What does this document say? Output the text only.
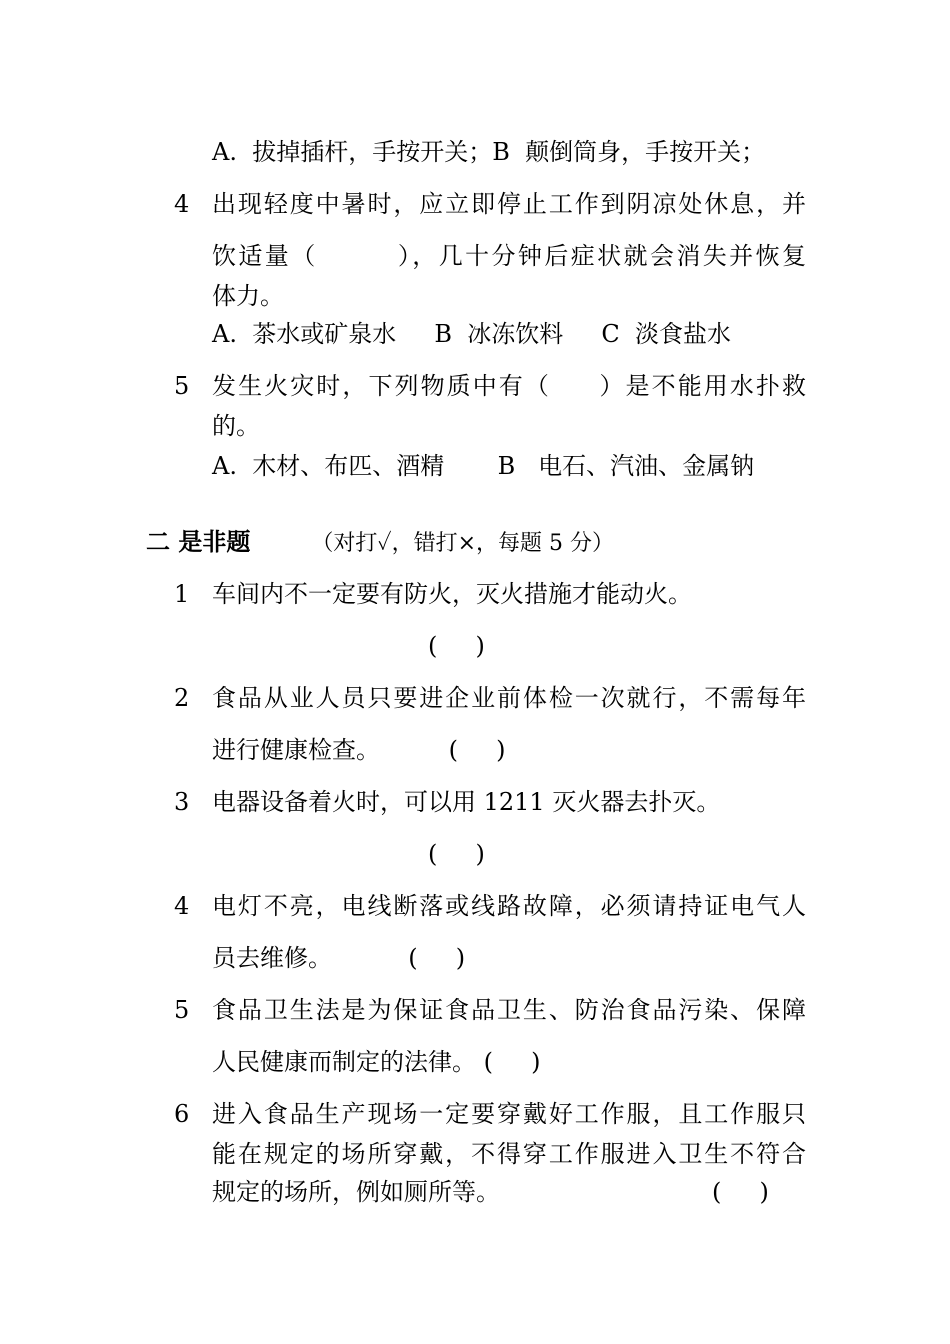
A.  拔掉插杆，手按开关；B  颠倒筒身，手按开关；
4 出现轻度中暑时，应立即停止工作到阴凉处休息，并
饮适量（        ），几十分钟后症状就会消失并恢复
体力。
A.  茶水或矿泉水     B  冰冻饮料     C  淡食盐水
5 发生火灾时，下列物质中有（     ）是不能用水扑救
的。
A.  木材、布匹、酒精       B   电石、汽油、金属钠
二 是非题	（对打✓，错打×，每题 5 分）
1 车间内不一定要有防火，灭火措施才能动火。
(     )
2 食品从业人员只要进企业前体检一次就行，不需每年
进行健康检查。         (     )
3 电器设备着火时，可以用 1211 灭火器去扑灭。
(     )
4 电灯不亮，电线断落或线路故障，必须请持证电气人
员去维修。          (     )
5 食品卫生法是为保证食品卫生、防治食品污染、保障
人民健康而制定的法律。 (     )
6 进入食品生产现场一定要穿戴好工作服，且工作服只
能在规定的场所穿戴，不得穿工作服进入卫生不符合
规定的场所，例如厕所等。	(     )
